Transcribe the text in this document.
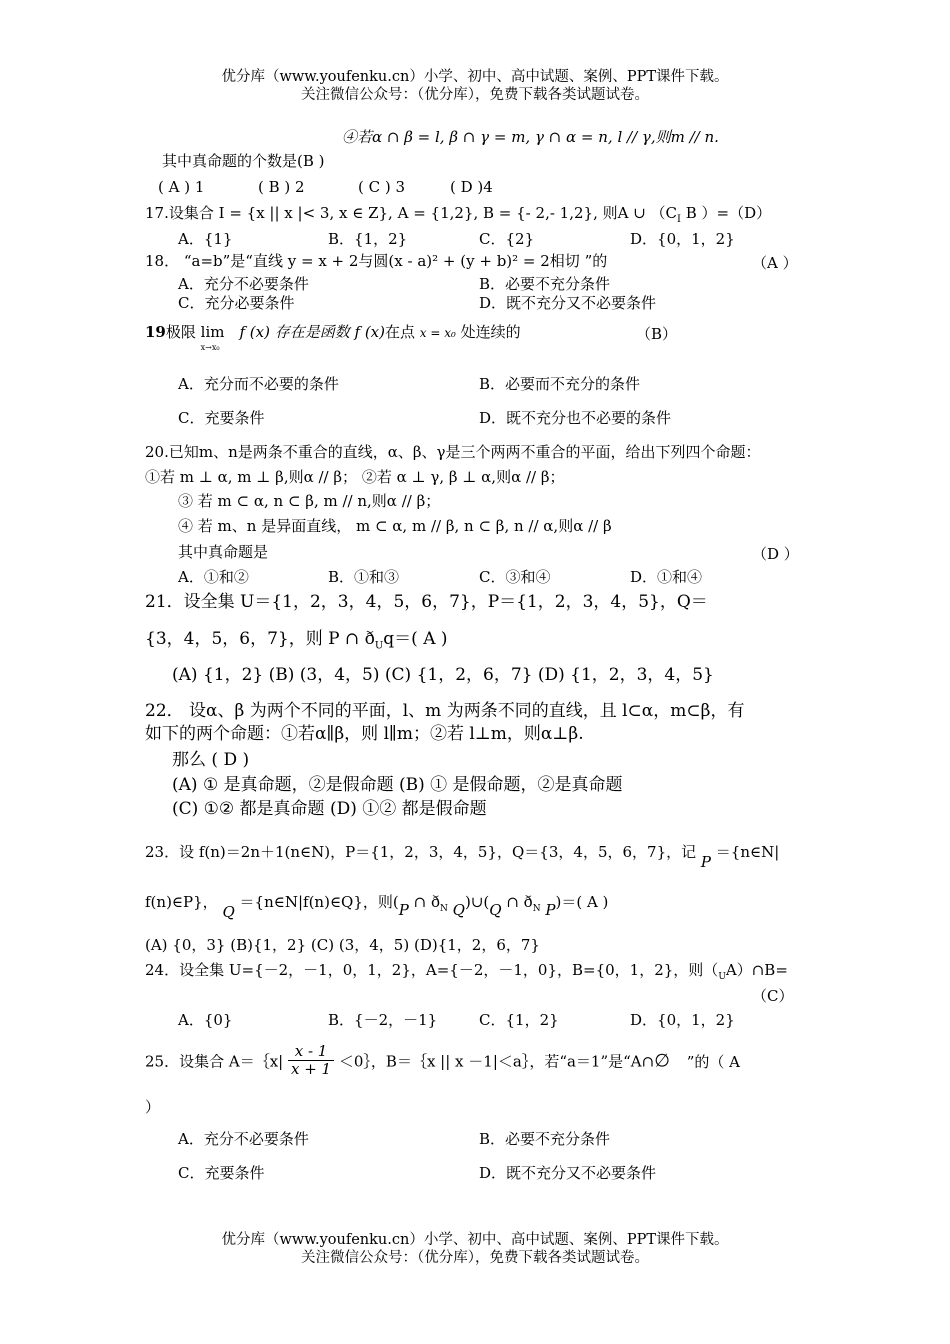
优分库（www.youfenku.cn）小学、初中、高中试题、案例、PPT课件下载。
关注微信公众号：（优分库），免费下载各类试题试卷。
④若α ∩ β = l, β ∩ γ = m, γ ∩ α = n, l // γ,则m // n.
其中真命题的个数是(B )
( A ) 1	( B ) 2	( C ) 3	( D )4
17.设集合 I = {x || x |< 3, x ∈ Z}, A = {1,2}, B = {- 2,- 1,2}, 则A ∪ （$C_I$ B ）=（D）
A．{1}	B．{1，2}	C．{2}	D．{0，1，2}
18． “a=b”是“直线 y = x + 2与圆(x - a)² + (y + b)² = 2相切 ”的	（A ）
A．充分不必要条件	B．必要不充分条件
C．充分必要条件	D．既不充分又不必要条件
19极限 lim
x→x₀
f (x) 存在是函数 f (x)在点 x = x₀ 处连续的	（B）
A．充分而不必要的条件	B．必要而不充分的条件
C．充要条件	D．既不充分也不必要的条件
20.已知m、n是两条不重合的直线，α、β、γ是三个两两不重合的平面，给出下列四个命题：
①若 m ⊥ α, m ⊥ β,则α // β； ②若 α ⊥ γ, β ⊥ α,则α // β；
③ 若 m ⊂ α, n ⊂ β, m // n,则α // β；
④ 若 m、n 是异面直线， m ⊂ α, m // β, n ⊂ β, n // α,则α // β
其中真命题是	（D ）
A．①和②	B．①和③	C．③和④	D．①和④
21．设全集 U＝{1，2，3，4，5，6，7}，P＝{1，2，3，4，5}，Q＝
{3，4，5，6，7}，则 P ∩ $ð_Uq=$( A )
(A) {1，2} (B) (3，4，5) (C) {1，2，6，7} (D) {1，2，3，4，5}
22． 设α、β 为两个不同的平面，l、m 为两条不同的直线，且 l⊂α，m⊂β，有
如下的两个命题：①若α∥β，则 l∥m；②若 l⊥m，则α⊥β.
那么 ( D )
(A) ① 是真命题，②是假命题 (B) ① 是假命题，②是真命题
(C) ①② 都是真命题 (D) ①② 都是假命题
23．设 f(n)＝2n＋1(n∈N)，P＝{1，2，3，4，5}，Q＝{3，4，5，6，7}，记 P ＝{n∈N|
f(n)∈P}， Q ＝{n∈N|f(n)∈Q}，则(P ∩ $ð_N$ Q)∪(Q ∩ $ð_N$ P)＝( A )
(A) {0，3} (B){1，2} (C) (3，4，5) (D){1，2，6，7}
24．设全集 U={－2，－1，0，1，2}，A={－2，－1，0}，B={0，1，2}，则$(_UA)\cap B=$
（C）
A．{0}	B．{－2，－1}	C．{1，2}	D．{0，1，2}
25．设集合 A＝｛x| $\frac{x - 1}{x + 1}$ ＜0｝，B＝｛x || x －1|＜a｝，若“a＝1”是“A∩∅ ”的（ A
）
A．充分不必要条件	B．必要不充分条件
C．充要条件	D．既不充分又不必要条件
优分库（www.youfenku.cn）小学、初中、高中试题、案例、PPT课件下载。
关注微信公众号：（优分库），免费下载各类试题试卷。
